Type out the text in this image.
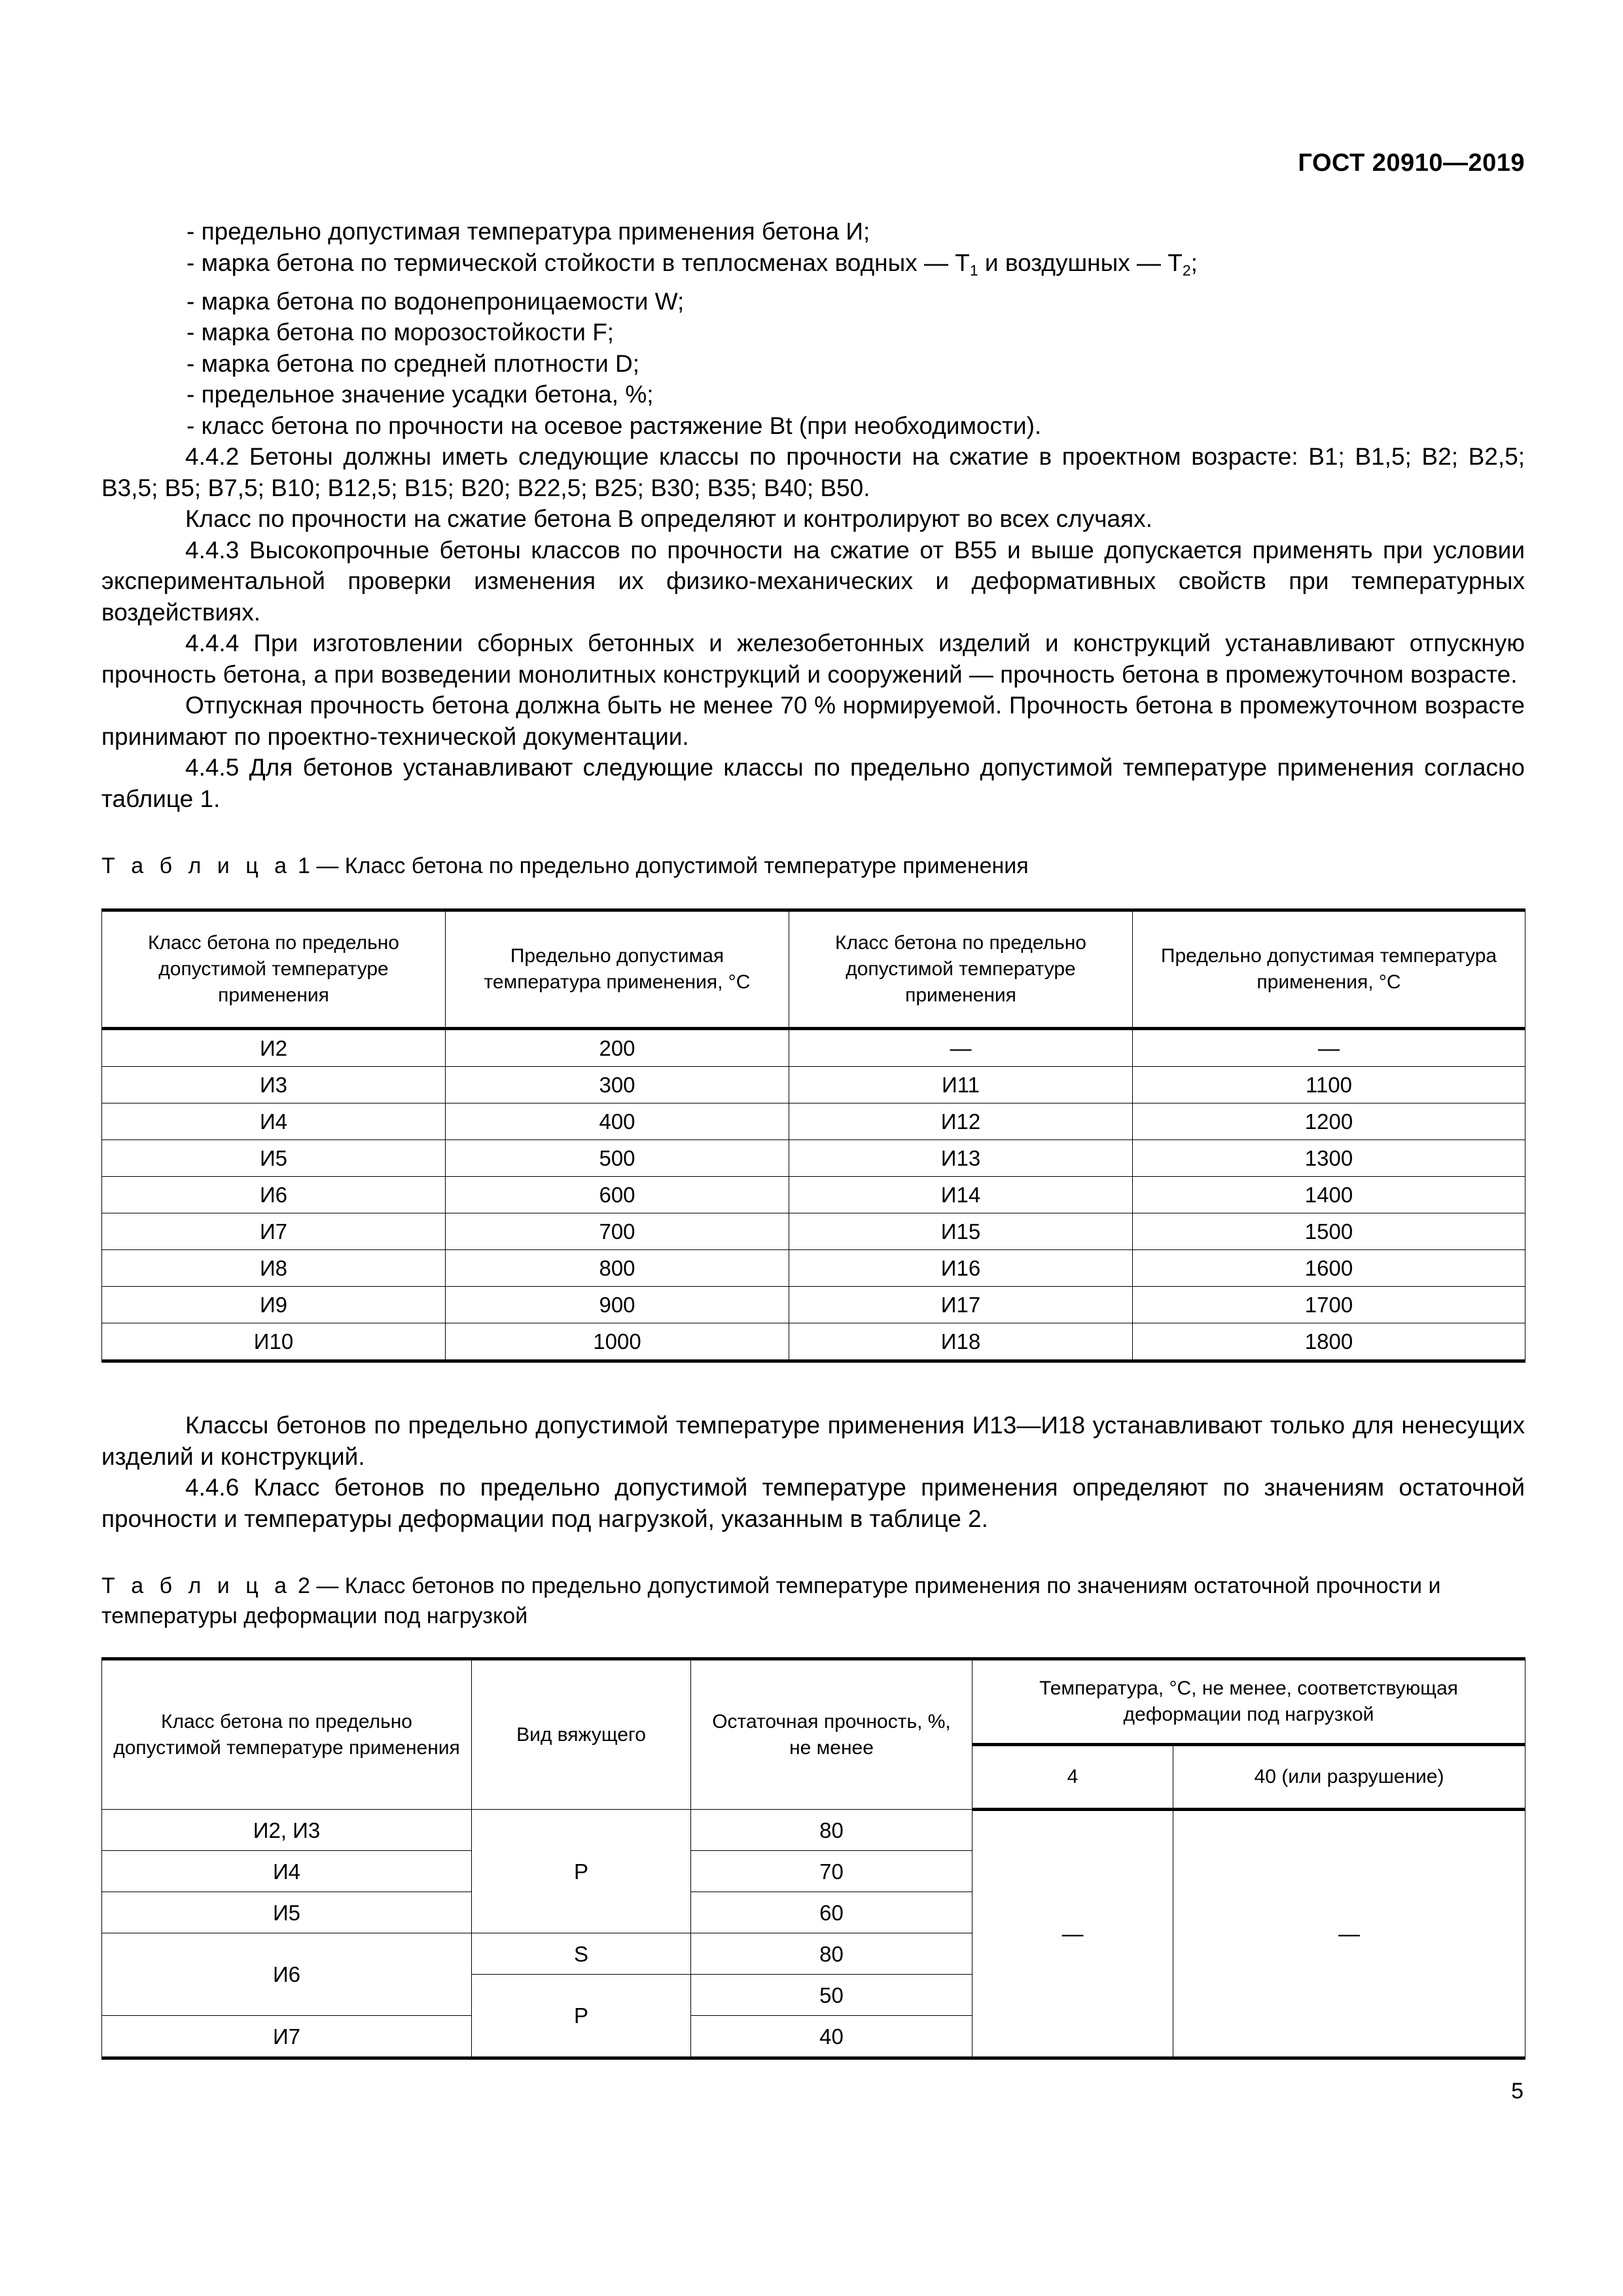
ГОСТ 20910—2019

- предельно допустимая температура применения бетона И;

- марка бетона по термической стойкости в теплосменах водных — $Т_1$ и воздушных — $Т_2$;

- марка бетона по водонепроницаемости W;

- марка бетона по морозостойкости F;

- марка бетона по средней плотности D;

- предельное значение усадки бетона, %;

- класс бетона по прочности на осевое растяжение Bt (при необходимости).

4.4.2 Бетоны должны иметь следующие классы по прочности на сжатие в проектном возрасте: В1; В1,5; В2; В2,5; В3,5; В5; В7,5; В10; В12,5; В15; В20; В22,5; В25; В30; В35; В40; В50.

Класс по прочности на сжатие бетона В определяют и контролируют во всех случаях.

4.4.3 Высокопрочные бетоны классов по прочности на сжатие от В55 и выше допускается применять при условии экспериментальной проверки изменения их физико-механических и деформативных свойств при температурных воздействиях.

4.4.4 При изготовлении сборных бетонных и железобетонных изделий и конструкций устанавливают отпускную прочность бетона, а при возведении монолитных конструкций и сооружений — прочность бетона в промежуточном возрасте.

Отпускная прочность бетона должна быть не менее 70 % нормируемой. Прочность бетона в промежуточном возрасте принимают по проектно-технической документации.

4.4.5 Для бетонов устанавливают следующие классы по предельно допустимой температуре применения согласно таблице 1.

Т а б л и ц а 1 — Класс бетона по предельно допустимой температуре применения

Класс бетона по предельно допустимой температуре применения	Предельно допустимая температура применения, °С	Класс бетона по предельно допустимой температуре применения	Предельно допустимая температура применения, °С
И2	200	—	—
И3	300	И11	1100
И4	400	И12	1200
И5	500	И13	1300
И6	600	И14	1400
И7	700	И15	1500
И8	800	И16	1600
И9	900	И17	1700
И10	1000	И18	1800

Классы бетонов по предельно допустимой температуре применения И13—И18 устанавливают только для ненесущих изделий и конструкций.

4.4.6 Класс бетонов по предельно допустимой температуре применения определяют по значениям остаточной прочности и температуры деформации под нагрузкой, указанным в таблице 2.

Т а б л и ц а 2 — Класс бетонов по предельно допустимой температуре применения по значениям остаточной прочности и температуры деформации под нагрузкой

Класс бетона по предельно допустимой температуре применения	Вид вяжущего	Остаточная прочность, %, не менее	Температура, °С, не менее, соответствующая деформации под нагрузкой	
			4	40 (или разрушение)
И2, И3	Р	80	—	—
И4		70		
И5		60		
И6	S	80		
	Р	50		
И7		40		
5
